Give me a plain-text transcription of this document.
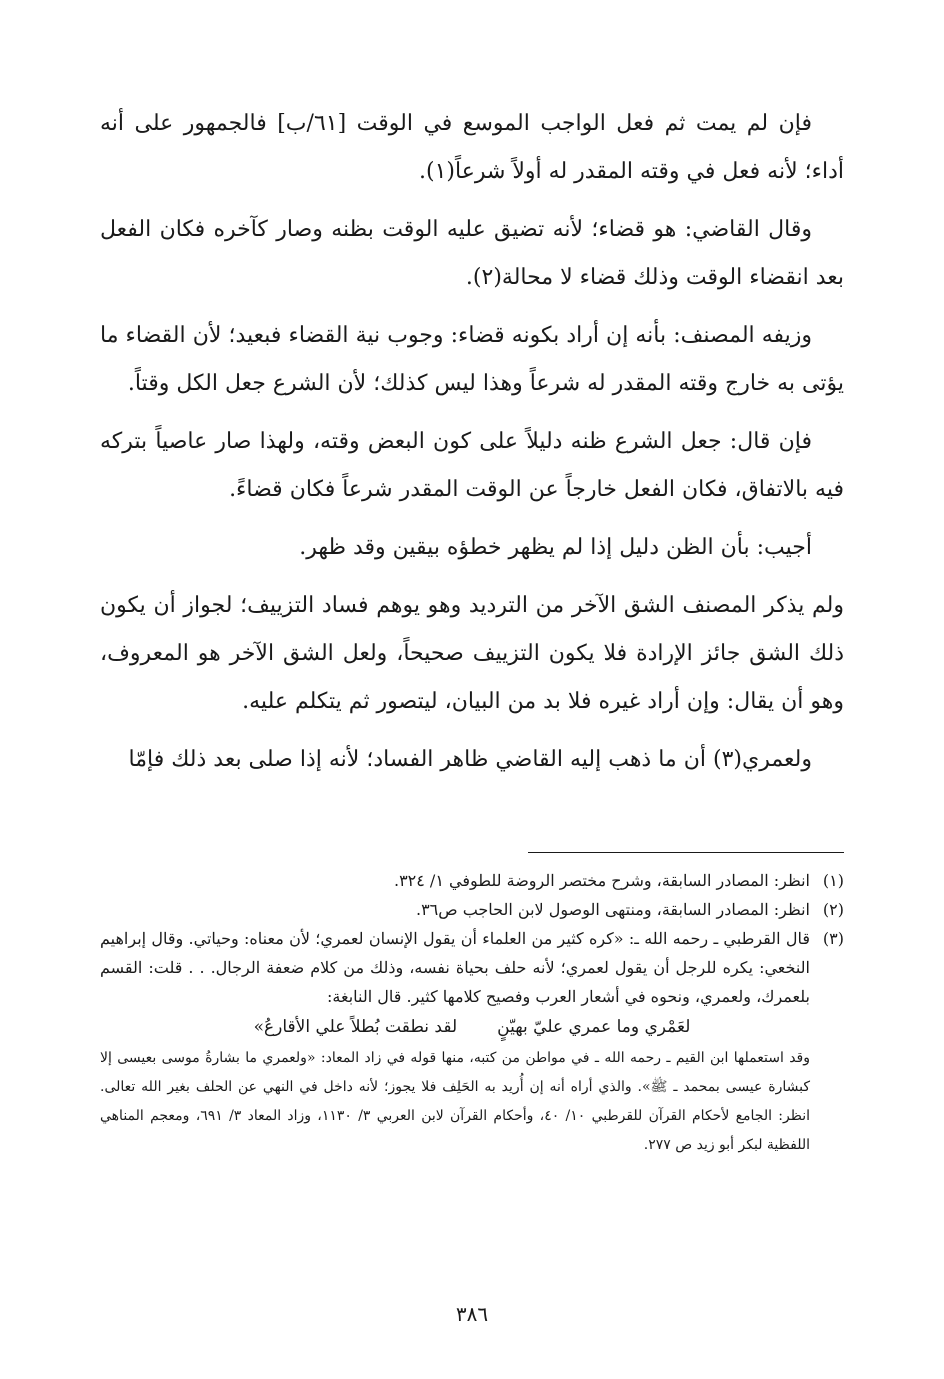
فإن لم يمت ثم فعل الواجب الموسع في الوقت [٦١/ب] فالجمهور على أنه أداء؛ لأنه فعل في وقته المقدر له أولاً شرعاً(١).

وقال القاضي: هو قضاء؛ لأنه تضيق عليه الوقت بظنه وصار كآخره فكان الفعل بعد انقضاء الوقت وذلك قضاء لا محالة(٢).

وزيفه المصنف: بأنه إن أراد بكونه قضاء: وجوب نية القضاء فبعيد؛ لأن القضاء ما يؤتى به خارج وقته المقدر له شرعاً وهذا ليس كذلك؛ لأن الشرع جعل الكل وقتاً.

فإن قال: جعل الشرع ظنه دليلاً على كون البعض وقته، ولهذا صار عاصياً بتركه فيه بالاتفاق، فكان الفعل خارجاً عن الوقت المقدر شرعاً فكان قضاءً.

أجيب: بأن الظن دليل إذا لم يظهر خطؤه بيقين وقد ظهر.

ولم يذكر المصنف الشق الآخر من الترديد وهو يوهم فساد التزييف؛ لجواز أن يكون ذلك الشق جائز الإرادة فلا يكون التزييف صحيحاً، ولعل الشق الآخر هو المعروف، وهو أن يقال: وإن أراد غيره فلا بد من البيان، ليتصور ثم يتكلم عليه.

ولعمري(٣) أن ما ذهب إليه القاضي ظاهر الفساد؛ لأنه إذا صلى بعد ذلك فإمّا

(١)
انظر: المصادر السابقة، وشرح مختصر الروضة للطوفي ١/ ٣٢٤.
(٢)
انظر: المصادر السابقة، ومنتهى الوصول لابن الحاجب ص٣٦.
(٣)
قال القرطبي ـ رحمه الله ـ: «كره كثير من العلماء أن يقول الإنسان لعمري؛ لأن معناه: وحياتي. وقال إبراهيم النخعي: يكره للرجل أن يقول لعمري؛ لأنه حلف بحياة نفسه، وذلك من كلام ضعفة الرجال. . . قلت: القسم بلعمرك، ولعمري، ونحوه في أشعار العرب وفصيح كلامها كثير. قال النابغة:
لعَمْري وما عمري عليّ بهيّنٍ
لقد نطقت بُطلاً علي الأقارعُ»
وقد استعملها ابن القيم ـ رحمه الله ـ في مواطن من كتبه، منها قوله في زاد المعاد: «ولعمري ما بشارةُ موسى بعيسى إلا كبشارة عيسى بمحمد ـ ﷺ». والذي أراه أنه إن أُريد به الحَلِف فلا يجوز؛ لأنه داخل في النهي عن الحلف بغير الله تعالى. انظر: الجامع لأحكام القرآن للقرطبي ١٠/ ٤٠، وأحكام القرآن لابن العربي ٣/ ١١٣٠، وزاد المعاد ٣/ ٦٩١، ومعجم المناهي اللفظية لبكر أبو زيد ص ٢٧٧.
٣٨٦
